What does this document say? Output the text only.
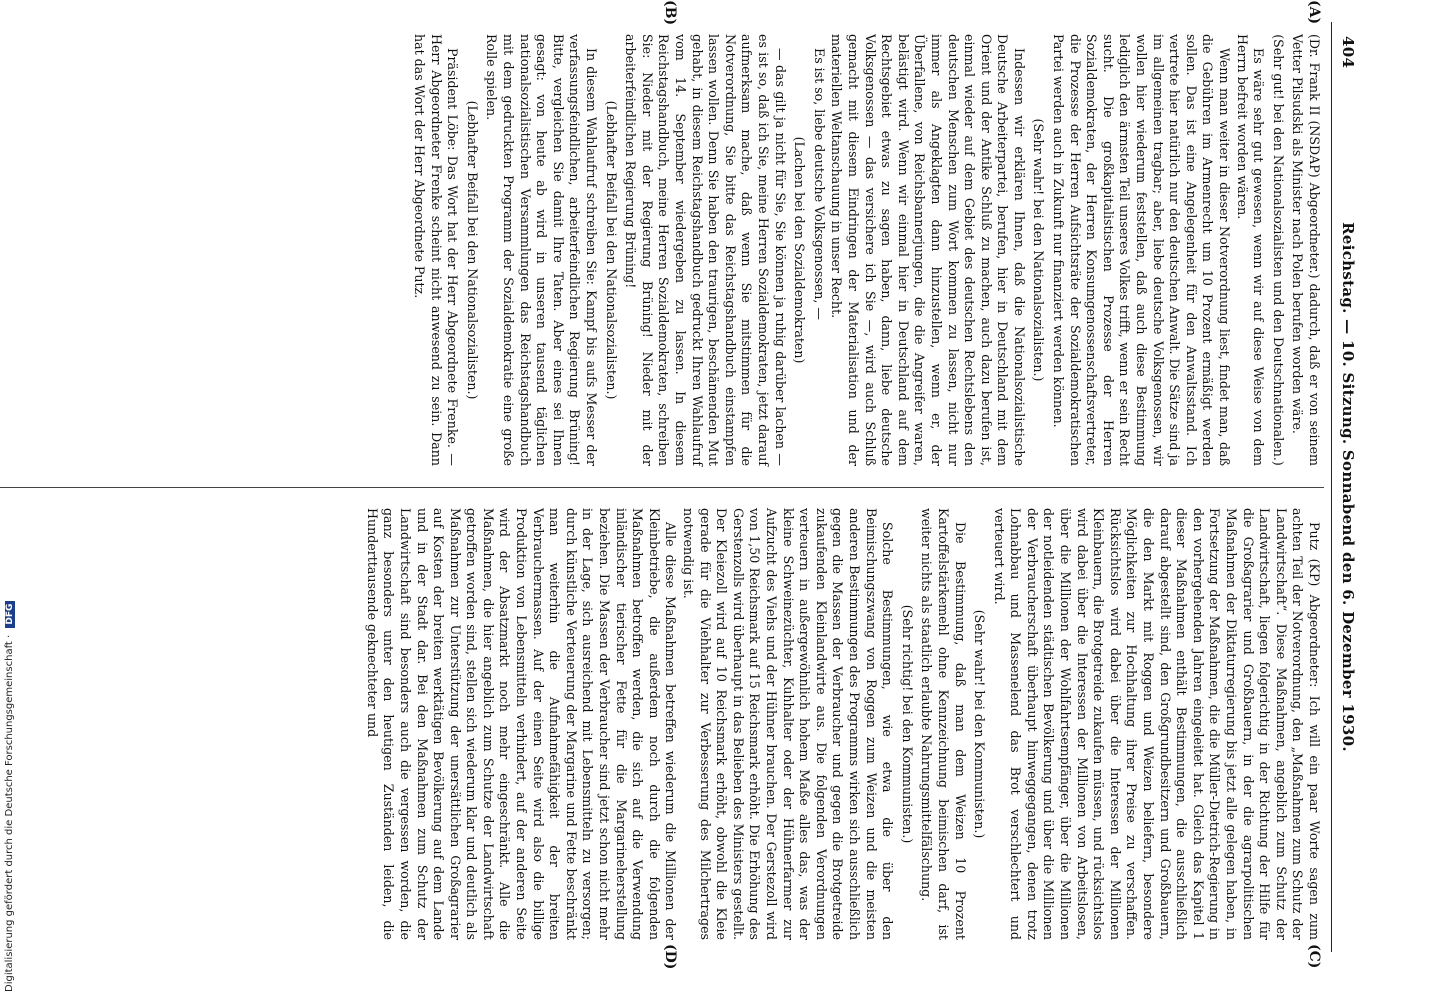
404
Reichstag. — 10. Sitzung. Sonnabend den 6. Dezember 1930.
(A)
(B)
(C)
(D)

(Dr. Frank II (NSDAP) Abgeordneter.) dadurch, daß er von seinem Vetter Pilsudski als Minister nach Polen berufen worden wäre.

(Sehr gut! bei den Nationalsozialisten und den Deutschnationalen.)

Es wäre sehr gut gewesen, wenn wir auf diese Weise von dem Herrn befreit worden wären.

Wenn man weiter in dieser Notverordnung liest, findet man, daß die Gebühren im Armenrecht um 10 Prozent ermäßigt werden sollen. Das ist eine Angelegenheit für den Anwaltsstand. Ich vertrete hier natürlich nur den deutschen Anwalt. Die Sätze sind ja im allgemeinen tragbar; aber, liebe deutsche Volksgenossen, wir wollen hier wiederum feststellen, daß auch diese Bestimmung lediglich den ärmsten Teil unseres Volkes trifft, wenn er sein Recht sucht. Die großkapitalistischen Prozesse der Herren Sozialdemokraten, der Herren Konsumgenossenschaftsvertreter, die Prozesse der Herren Aufsichtsräte der Sozialdemokratischen Partei werden auch in Zukunft nur finanziert werden können.

(Sehr wahr! bei den Nationalsozialisten.)

Indessen wir erklären Ihnen, daß die Nationalsozialistische Deutsche Arbeiterpartei, berufen, hier in Deutschland mit dem Orient und der Antike Schluß zu machen, auch dazu berufen ist, einmal wieder auf dem Gebiet des deutschen Rechtslebens den deutschen Menschen zum Wort kommen zu lassen, nicht nur immer als Angeklagten dann hinzustellen, wenn er, der Überfallene, von Reichsbannerjungen, die die Angreifer waren, belästigt wird. Wenn wir einmal hier in Deutschland auf dem Rechtsgebiet etwas zu sagen haben, dann, liebe deutsche Volksgenossen — das versichere ich Sie —, wird auch Schluß gemacht mit diesem Eindringen der Materialisation und der materiellen Weltanschauung in unser Recht.

Es ist so, liebe deutsche Volksgenossen, —

(Lachen bei den Sozialdemokraten)

— das gilt ja nicht für Sie, Sie können ja ruhig darüber lachen — es ist so, daß ich Sie, meine Herren Sozialdemokraten, jetzt darauf aufmerksam mache, daß wenn Sie mitstimmen für die Notverordnung, Sie bitte das Reichstagshandbuch einstampfen lassen wollen. Denn Sie haben den traurigen, beschämenden Mut gehabt, in diesem Reichstagshandbuch gedruckt Ihren Wahlaufruf vom 14. September wiedergeben zu lassen. In diesem Reichstagshandbuch, meine Herren Sozialdemokraten, schreiben Sie: Nieder mit der Regierung Brüning! Nieder mit der arbeiterfeindlichen Regierung Brüning!

(Lebhafter Beifall bei den Nationalsozialisten.)

In diesem Wahlaufruf schreiben Sie: Kampf bis aufs Messer der verfassungsfeindlichen, arbeiterfeindlichen Regierung Brüning! Bitte, vergleichen Sie damit Ihre Taten. Aber eines sei Ihnen gesagt: von heute ab wird in unseren tausend täglichen nationalsozialistischen Versammlungen das Reichstagshandbuch mit dem gedruckten Programm der Sozialdemokratie eine große Rolle spielen.

(Lebhafter Beifall bei den Nationalsozialisten.)

Präsident Löbe: Das Wort hat der Herr Abgeordnete Frenke. — Herr Abgeordneter Frenke scheint nicht anwesend zu sein. Dann hat das Wort der Herr Abgeordnete Putz.

Putz (KP) Abgeordneter: Ich will ein paar Worte sagen zum achten Teil der Notverordnung, den „Maßnahmen zum Schutz der Landwirtschaft“. Diese Maßnahmen, angeblich zum Schutz der Landwirtschaft, liegen folgerichtig in der Richtung der Hilfe für die Großagrarier und Großbauern, in der die agrarpolitischen Maßnahmen der Diktaturregierung bis jetzt alle gelegen haben, in Fortsetzung der Maßnahmen, die die Müller-Dietrich-Regierung in den vorhergehenden Jahren eingeleitet hat. Gleich das Kapitel 1 dieser Maßnahmen enthält Bestimmungen, die ausschließlich darauf abgestellt sind, den Großgrundbesitzern und Großbauern, die den Markt mit Roggen und Weizen beliefern, besondere Möglichkeiten zur Hochhaltung ihrer Preise zu verschaffen. Rücksichtslos wird dabei über die Interessen der Millionen Kleinbauern, die Brotgetreide zukaufen müssen, und rücksichtslos wird dabei über die Interessen der Millionen von Arbeitslosen, über die Millionen der Wohlfahrtsempfänger, über die Millionen der notleidenden städtischen Bevölkerung und über die Millionen der Verbraucherschaft überhaupt hinweggegangen, denen trotz Lohnabbau und Massenelend das Brot verschlechtert und verteuert wird.

(Sehr wahr! bei den Kommunisten.)

Die Bestimmung, daß man dem Weizen 10 Prozent Kartoffelstärkemehl ohne Kennzeichnung beimischen darf, ist weiter nichts als staatlich erlaubte Nahrungsmittelfälschung.

(Sehr richtig! bei den Kommunisten.)

Solche Bestimmungen, wie etwa die über den Beimischungszwang von Roggen zum Weizen und die meisten anderen Bestimmungen des Programms wirken sich ausschließlich gegen die Massen der Verbraucher und gegen die Brotgetreide zukaufenden Kleinlandwirte aus. Die folgenden Verordnungen verteuern in außergewöhnlich hohem Maße alles das, was der kleine Schweinezüchter, Kuhhalter oder der Hühnerfarmer zur Aufzucht des Viehs und der Hühner brauchen. Der Gerstezoll wird von 1,50 Reichsmark auf 15 Reichsmark erhöht. Die Erhöhung des Gerstenzolls wird überhaupt in das Belieben des Ministers gestellt. Der Kleiezoll wird auf 10 Reichsmark erhöht, obwohl die Kleie gerade für die Viehhalter zur Verbesserung des Milchertrages notwendig ist.

Alle diese Maßnahmen betreffen wiederum die Millionen der Kleinbetriebe, die außerdem noch durch die folgenden Maßnahmen betroffen werden, die sich auf die Verwendung inländischer tierischer Fette für die Margarineherstellung beziehen. Die Massen der Verbraucher sind jetzt schon nicht mehr in der Lage, sich ausreichend mit Lebensmitteln zu versorgen; durch künstliche Verteuerung der Margarine und Fette beschränkt man weiterhin die Aufnahmefähigkeit der breiten Verbrauchermassen. Auf der einen Seite wird also die billige Produktion von Lebensmitteln verhindert, auf der anderen Seite wird der Absatzmarkt noch mehr eingeschränkt. Alle die Maßnahmen, die hier angeblich zum Schutze der Landwirtschaft getroffen worden sind, stellen sich wiederum klar und deutlich als Maßnahmen zur Unterstützung der unersättlichen Großagrarier auf Kosten der breiten werktätigen Bevölkerung auf dem Lande und in der Stadt dar. Bei den Maßnahmen zum Schutz der Landwirtschaft sind besonders auch die vergessen worden, die ganz besonders unter den heutigen Zuständen leiden, die Hunderttausende geknechteter und

Digitalisierung gefördert durch die Deutsche Forschungsgemeinschaft · DFG
